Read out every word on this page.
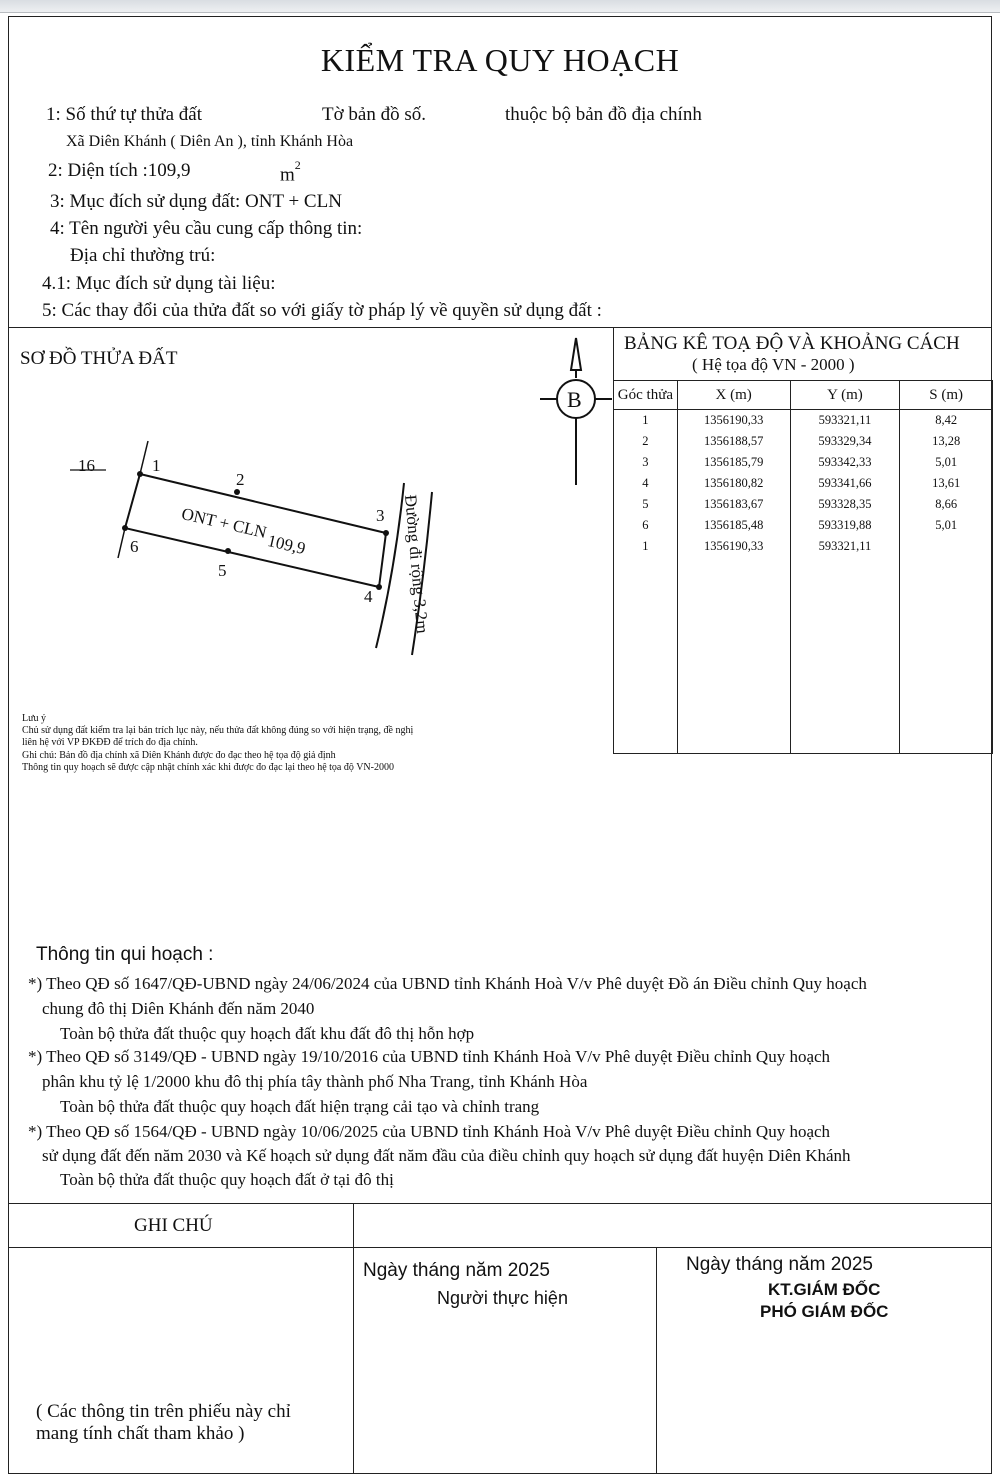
KIỂM TRA QUY HOẠCH
1: Số thứ tự thửa đất	Tờ bản đồ số.	thuộc bộ bản đồ địa chính
Xã Diên Khánh ( Diên An ), tỉnh Khánh Hòa
2: Diện tích :109,9	$m^2$
3: Mục đích sử dụng đất: ONT + CLN
4: Tên người yêu cầu cung cấp thông tin:
Địa chỉ thường trú:
4.1: Mục đích sử dụng tài liệu:
5: Các thay đổi của thửa đất so với giấy tờ pháp lý về quyền sử dụng đất :
SƠ ĐỒ THỬA ĐẤT
16	1
2
3
4
5
6
ONT + CLN
109,9	Đường đi rộng 3,2m
B
BẢNG KÊ TOẠ ĐỘ VÀ KHOẢNG CÁCH
( Hệ tọa độ VN - 2000 )
Góc thửa	X (m)	Y (m)	S (m)
1	1356190,33	593321,11	8,42
2	1356188,57	593329,34	13,28
3	1356185,79	593342,33	5,01
4	1356180,82	593341,66	13,61
5	1356183,67	593328,35	8,66
6	1356185,48	593319,88	5,01
1	1356190,33	593321,11	

Lưu ý
Chủ sử dụng đất kiểm tra lại bản trích lục này, nếu thửa đất không đúng so với hiện trạng, đề nghị
liên hệ với VP ĐKĐĐ để trích đo địa chính.
Ghi chú: Bản đồ địa chính xã Diên Khánh được đo đạc theo hệ tọa độ giả định
Thông tin quy hoạch sẽ được cập nhật chính xác khi được đo đạc lại theo hệ tọa độ VN-2000
Thông tin qui hoạch :
*) Theo QĐ số 1647/QĐ-UBND ngày 24/06/2024 của UBND tỉnh Khánh Hoà V/v Phê duyệt Đồ án Điều chỉnh Quy hoạch
chung đô thị Diên Khánh đến năm 2040
Toàn bộ thửa đất thuộc quy hoạch đất khu đất đô thị hỗn hợp
*) Theo QĐ số 3149/QĐ - UBND ngày 19/10/2016 của UBND tỉnh Khánh Hoà V/v Phê duyệt Điều chỉnh Quy hoạch
phân khu tỷ lệ 1/2000 khu đô thị phía tây thành phố Nha Trang, tỉnh Khánh Hòa
Toàn bộ thửa đất thuộc quy hoạch đất hiện trạng cải tạo và chỉnh trang
*) Theo QĐ số 1564/QĐ - UBND ngày 10/06/2025 của UBND tỉnh Khánh Hoà V/v Phê duyệt Điều chỉnh Quy hoạch
sử dụng đất đến năm 2030 và Kế hoạch sử dụng đất năm đầu của điều chỉnh quy hoạch sử dụng đất huyện Diên Khánh
Toàn bộ thửa đất thuộc quy hoạch đất ở tại đô thị
GHI CHÚ
Ngày tháng năm 2025
Người thực hiện
Ngày tháng năm 2025
KT.GIÁM ĐỐC
PHÓ GIÁM ĐỐC
( Các thông tin trên phiếu này chỉ
mang tính chất tham khảo )
